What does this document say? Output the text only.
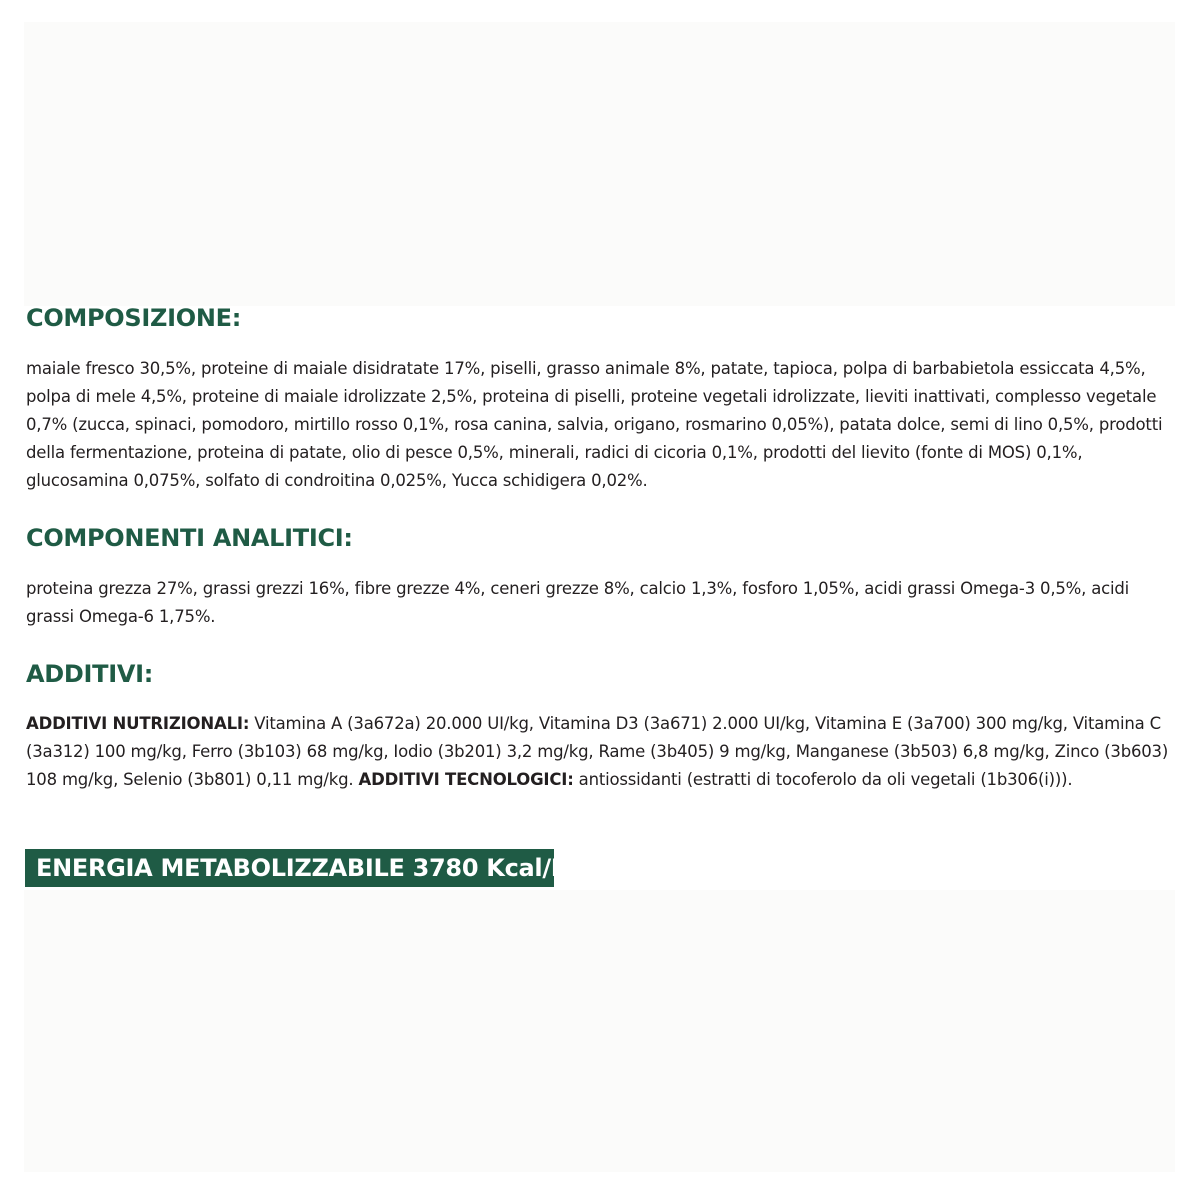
COMPOSIZIONE:

maiale fresco 30,5%, proteine di maiale disidratate 17%, piselli, grasso animale 8%, patate, tapioca, polpa di barbabietola essiccata 4,5%, polpa di mele 4,5%, proteine di maiale idrolizzate 2,5%, proteina di piselli, proteine vegetali idrolizzate, lieviti inattivati, complesso vegetale 0,7% (zucca, spinaci, pomodoro, mirtillo rosso 0,1%, rosa canina, salvia, origano, rosmarino 0,05%), patata dolce, semi di lino 0,5%, prodotti della fermentazione, proteina di patate, olio di pesce 0,5%, minerali, radici di cicoria 0,1%, prodotti del lievito (fonte di MOS) 0,1%, glucosamina 0,075%, solfato di condroitina 0,025%, Yucca schidigera 0,02%.

COMPONENTI ANALITICI:

proteina grezza 27%, grassi grezzi 16%, fibre grezze 4%, ceneri grezze 8%, calcio 1,3%, fosforo 1,05%, acidi grassi Omega-3 0,5%, acidi grassi Omega-6 1,75%.

ADDITIVI:

ADDITIVI NUTRIZIONALI: Vitamina A (3a672a) 20.000 UI/kg, Vitamina D3 (3a671) 2.000 UI/kg, Vitamina E (3a700) 300 mg/kg, Vitamina C (3a312) 100 mg/kg, Ferro (3b103) 68 mg/kg, Iodio (3b201) 3,2 mg/kg, Rame (3b405) 9 mg/kg, Manganese (3b503) 6,8 mg/kg, Zinco (3b603) 108 mg/kg, Selenio (3b801) 0,11 mg/kg. ADDITIVI TECNOLOGICI: antiossidanti (estratti di tocoferolo da oli vegetali (1b306(i))).

ENERGIA METABOLIZZABILE 3780 Kcal/Kg
